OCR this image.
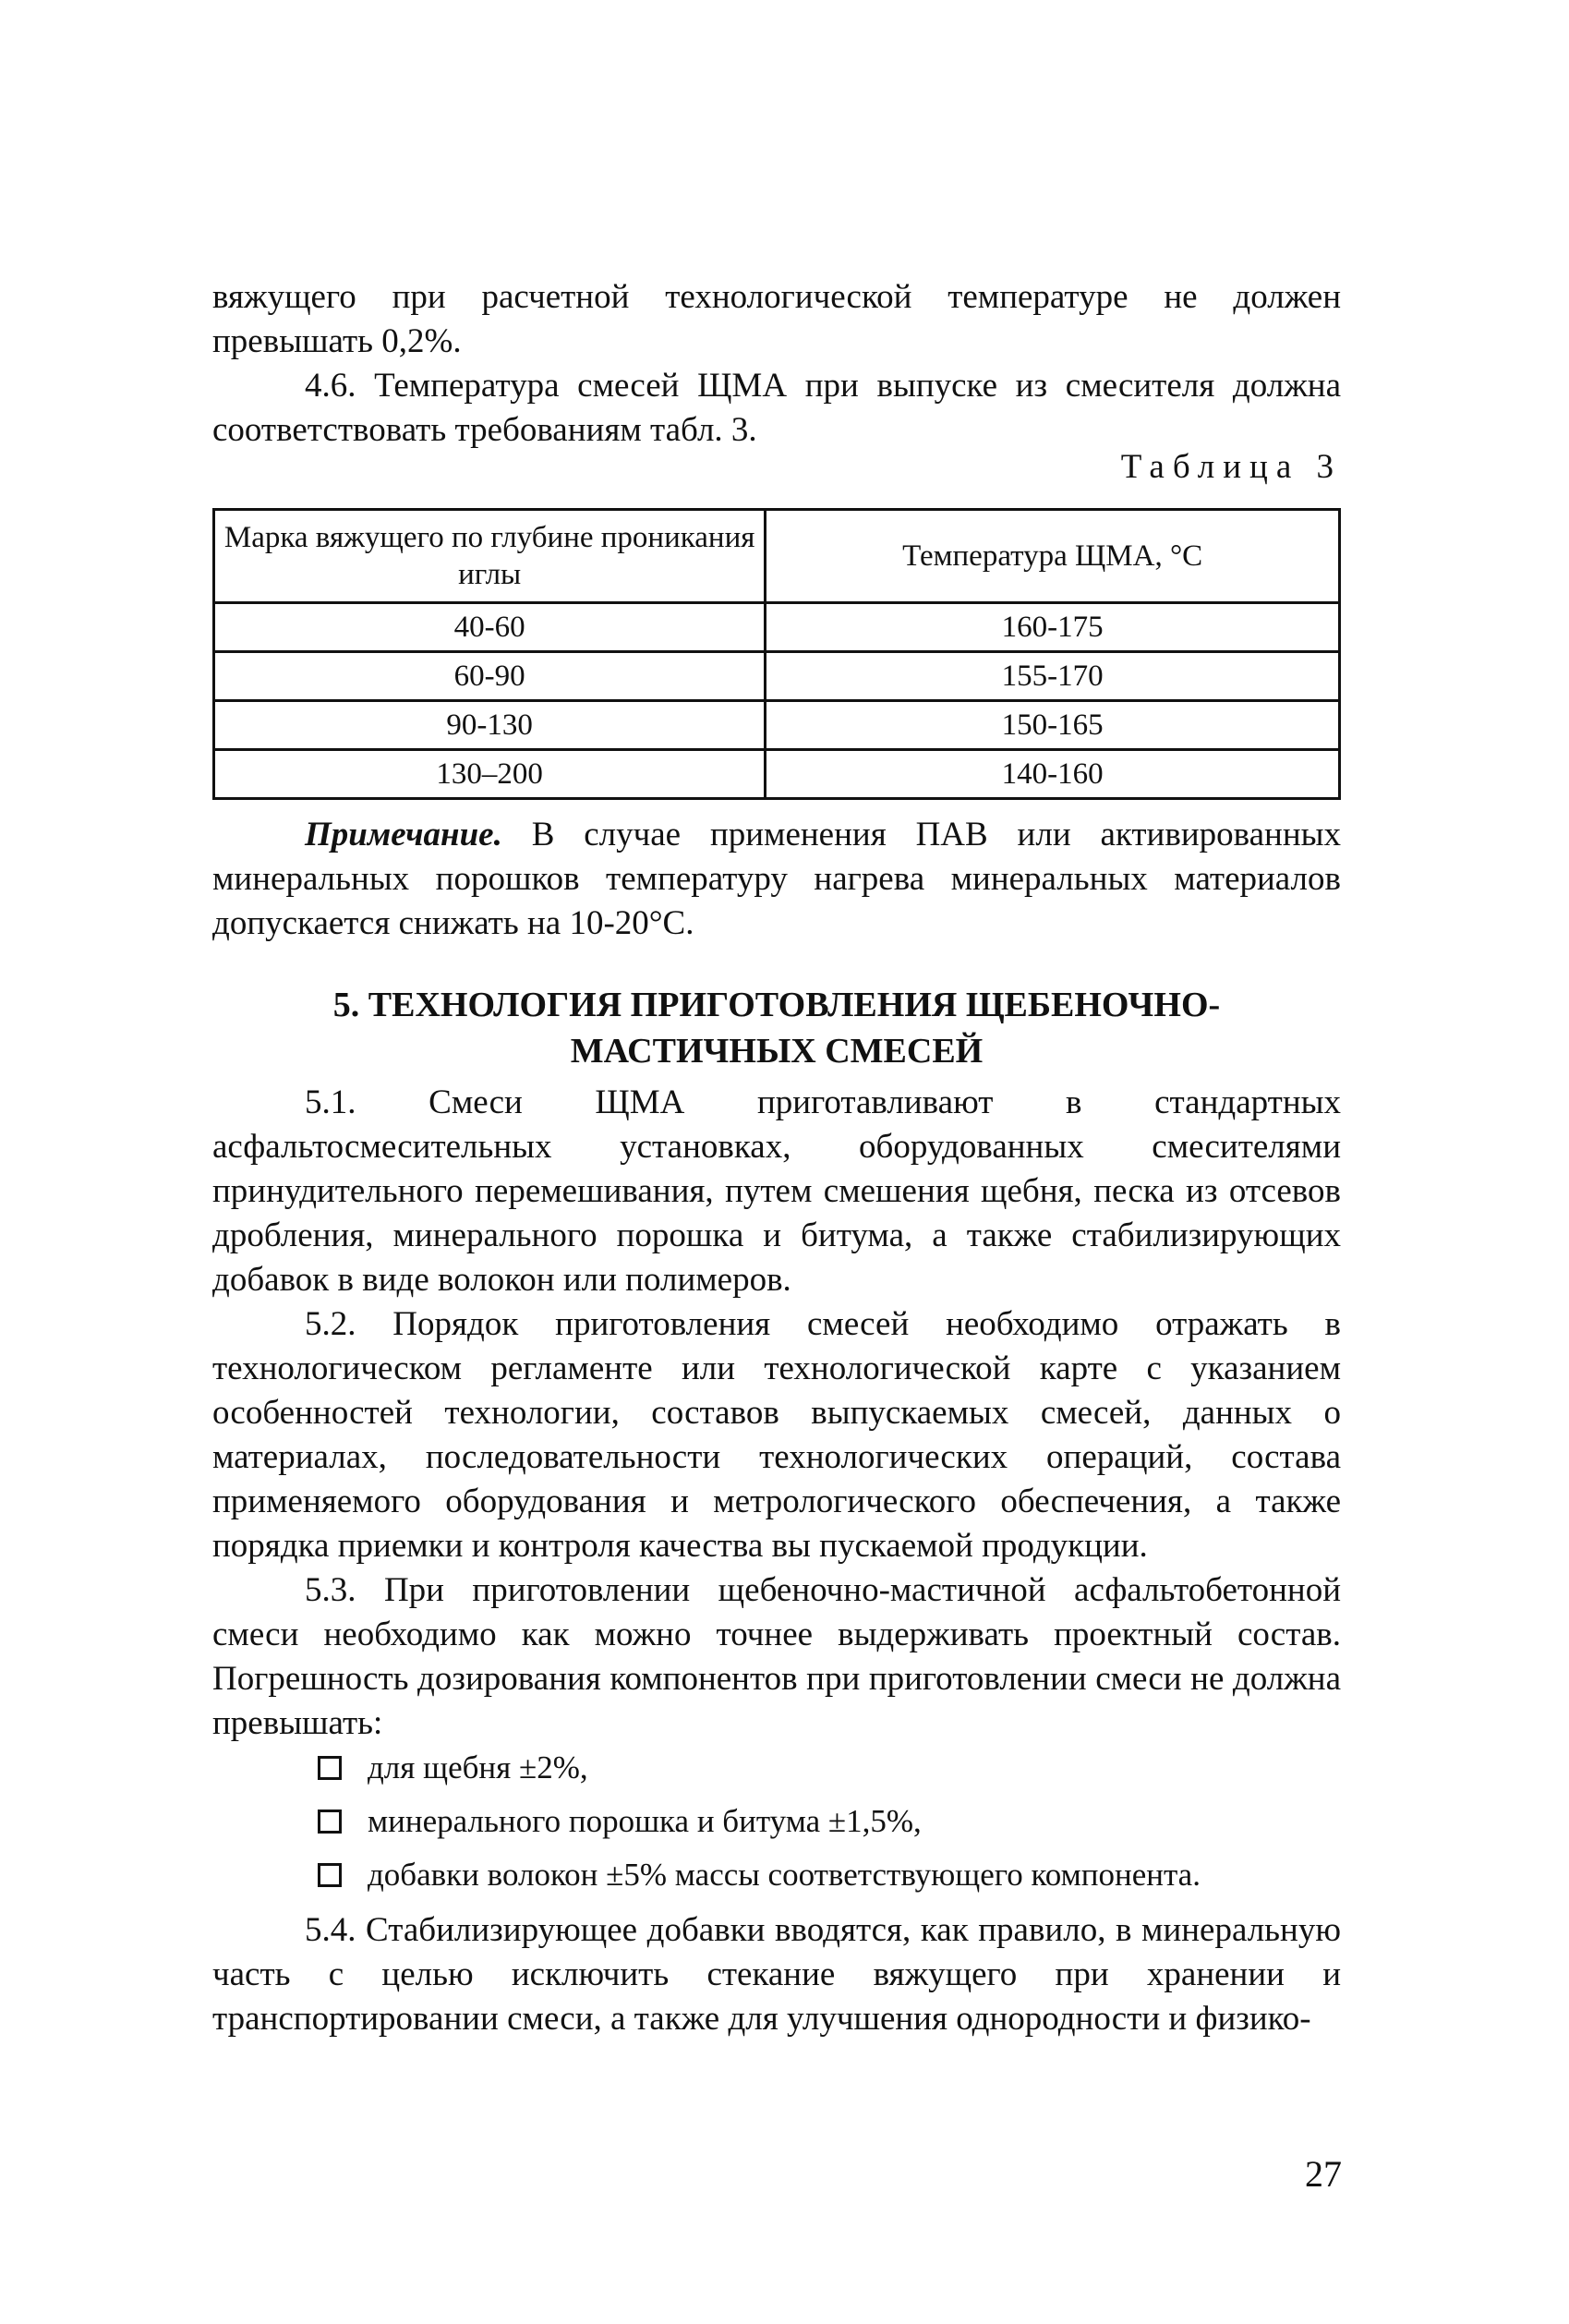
вяжущего при расчетной технологической температуре не должен превышать 0,2%.

4.6. Температура смесей ЩМА при выпуске из смесителя должна соответствовать требованиям табл. 3.

Таблица 3
Марка вяжущего по глубине проникания иглы	Температура ЩМА, °С
40-60	160-175
60-90	155-170
90-130	150-165
130–200	140-160

Примечание. В случае применения ПАВ или активированных минеральных порошков температуру нагрева минеральных материалов допускается снижать на 10-20°С.

5. ТЕХНОЛОГИЯ ПРИГОТОВЛЕНИЯ ЩЕБЕНОЧНО-
МАСТИЧНЫХ СМЕСЕЙ

5.1. Смеси ЩМА приготавливают в стандартных асфальтосмесительных установках, оборудованных смесителями принудительного перемешивания, путем смешения щебня, песка из отсевов дробления, минерального порошка и битума, а также стабилизирующих добавок в виде волокон или полимеров.

5.2. Порядок приготовления смесей необходимо отражать в технологическом регламенте или технологической карте с указанием особенностей технологии, составов выпускаемых смесей, данных о материалах, последовательности технологических операций, состава применяемого оборудования и метрологического обеспечения, а также порядка приемки и контроля качества вы пускаемой продукции.

5.3. При приготовлении щебеночно-мастичной асфальтобетонной смеси необходимо как можно точнее выдерживать проектный состав. Погрешность дозирования компонентов при приготовлении смеси не должна превышать:

для щебня ±2%,
минерального порошка и битума ±1,5%,
добавки волокон ±5% массы соответствующего компонента.

5.4. Стабилизирующее добавки вводятся, как правило, в минеральную часть с целью исключить стекание вяжущего при хранении и транспортировании смеси, а также для улучшения однородности и физико-

27
